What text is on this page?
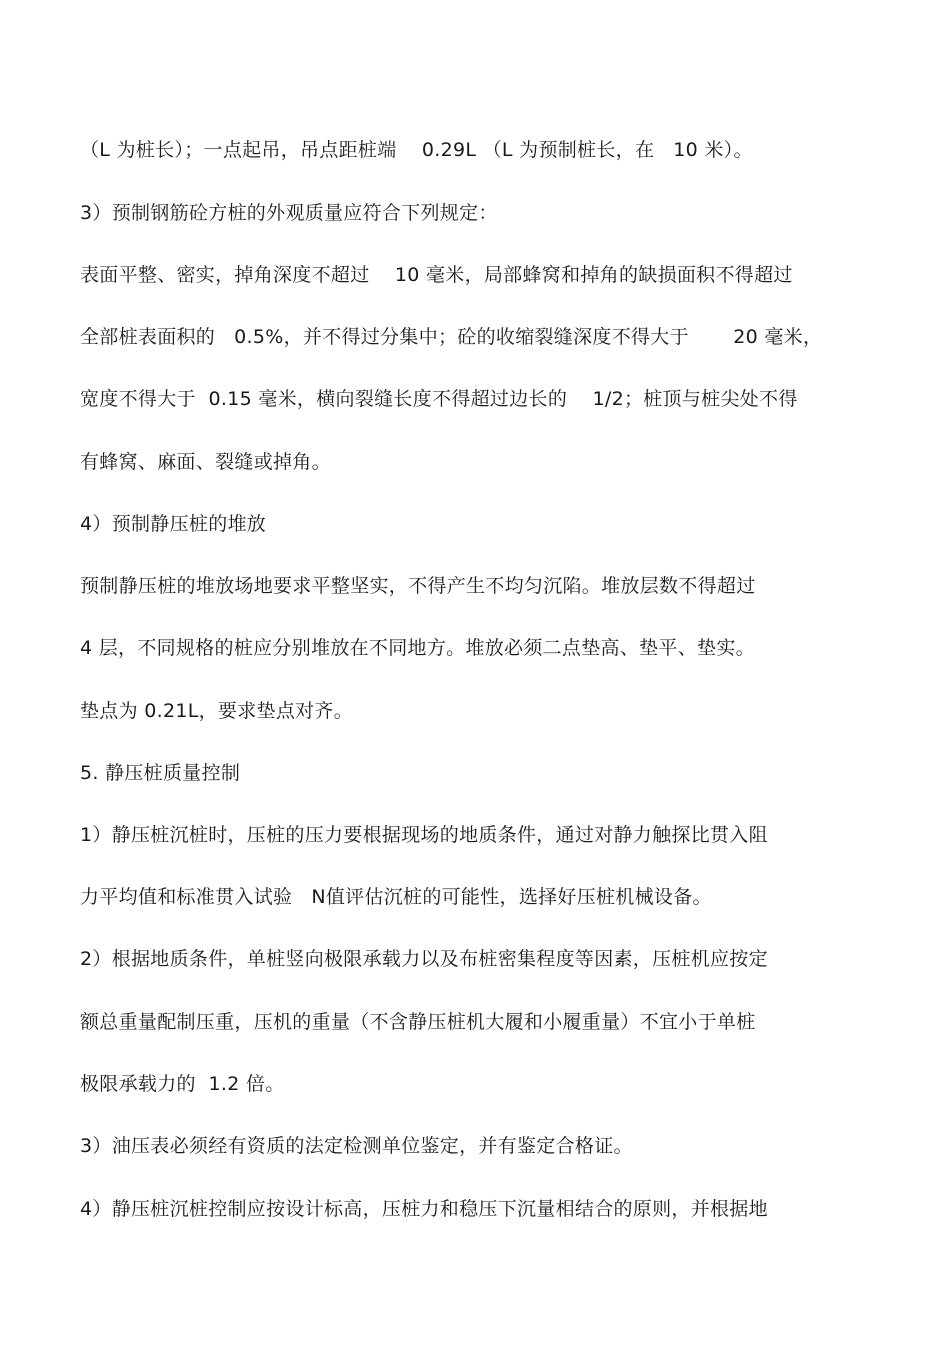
（L 为桩长）；一点起吊，吊点距桩端    0.29L （L 为预制桩长，在   10 米）。
3）预制钢筋砼方桩的外观质量应符合下列规定：
表面平整、密实，掉角深度不超过    10 毫米，局部蜂窝和掉角的缺损面积不得超过
全部桩表面积的   0.5%，并不得过分集中；砼的收缩裂缝深度不得大于       20 毫米，
宽度不得大于  0.15 毫米，横向裂缝长度不得超过边长的    1/2；桩顶与桩尖处不得
有蜂窝、麻面、裂缝或掉角。
4）预制静压桩的堆放
预制静压桩的堆放场地要求平整坚实，不得产生不均匀沉陷。堆放层数不得超过
4 层，不同规格的桩应分别堆放在不同地方。堆放必须二点垫高、垫平、垫实。
垫点为 0.21L，要求垫点对齐。
5. 静压桩质量控制
1）静压桩沉桩时，压桩的压力要根据现场的地质条件，通过对静力触探比贯入阻
力平均值和标准贯入试验   N值评估沉桩的可能性，选择好压桩机械设备。
2）根据地质条件，单桩竖向极限承载力以及布桩密集程度等因素，压桩机应按定
额总重量配制压重，压机的重量（不含静压桩机大履和小履重量）不宜小于单桩
极限承载力的  1.2 倍。
3）油压表必须经有资质的法定检测单位鉴定，并有鉴定合格证。
4）静压桩沉桩控制应按设计标高，压桩力和稳压下沉量相结合的原则，并根据地
